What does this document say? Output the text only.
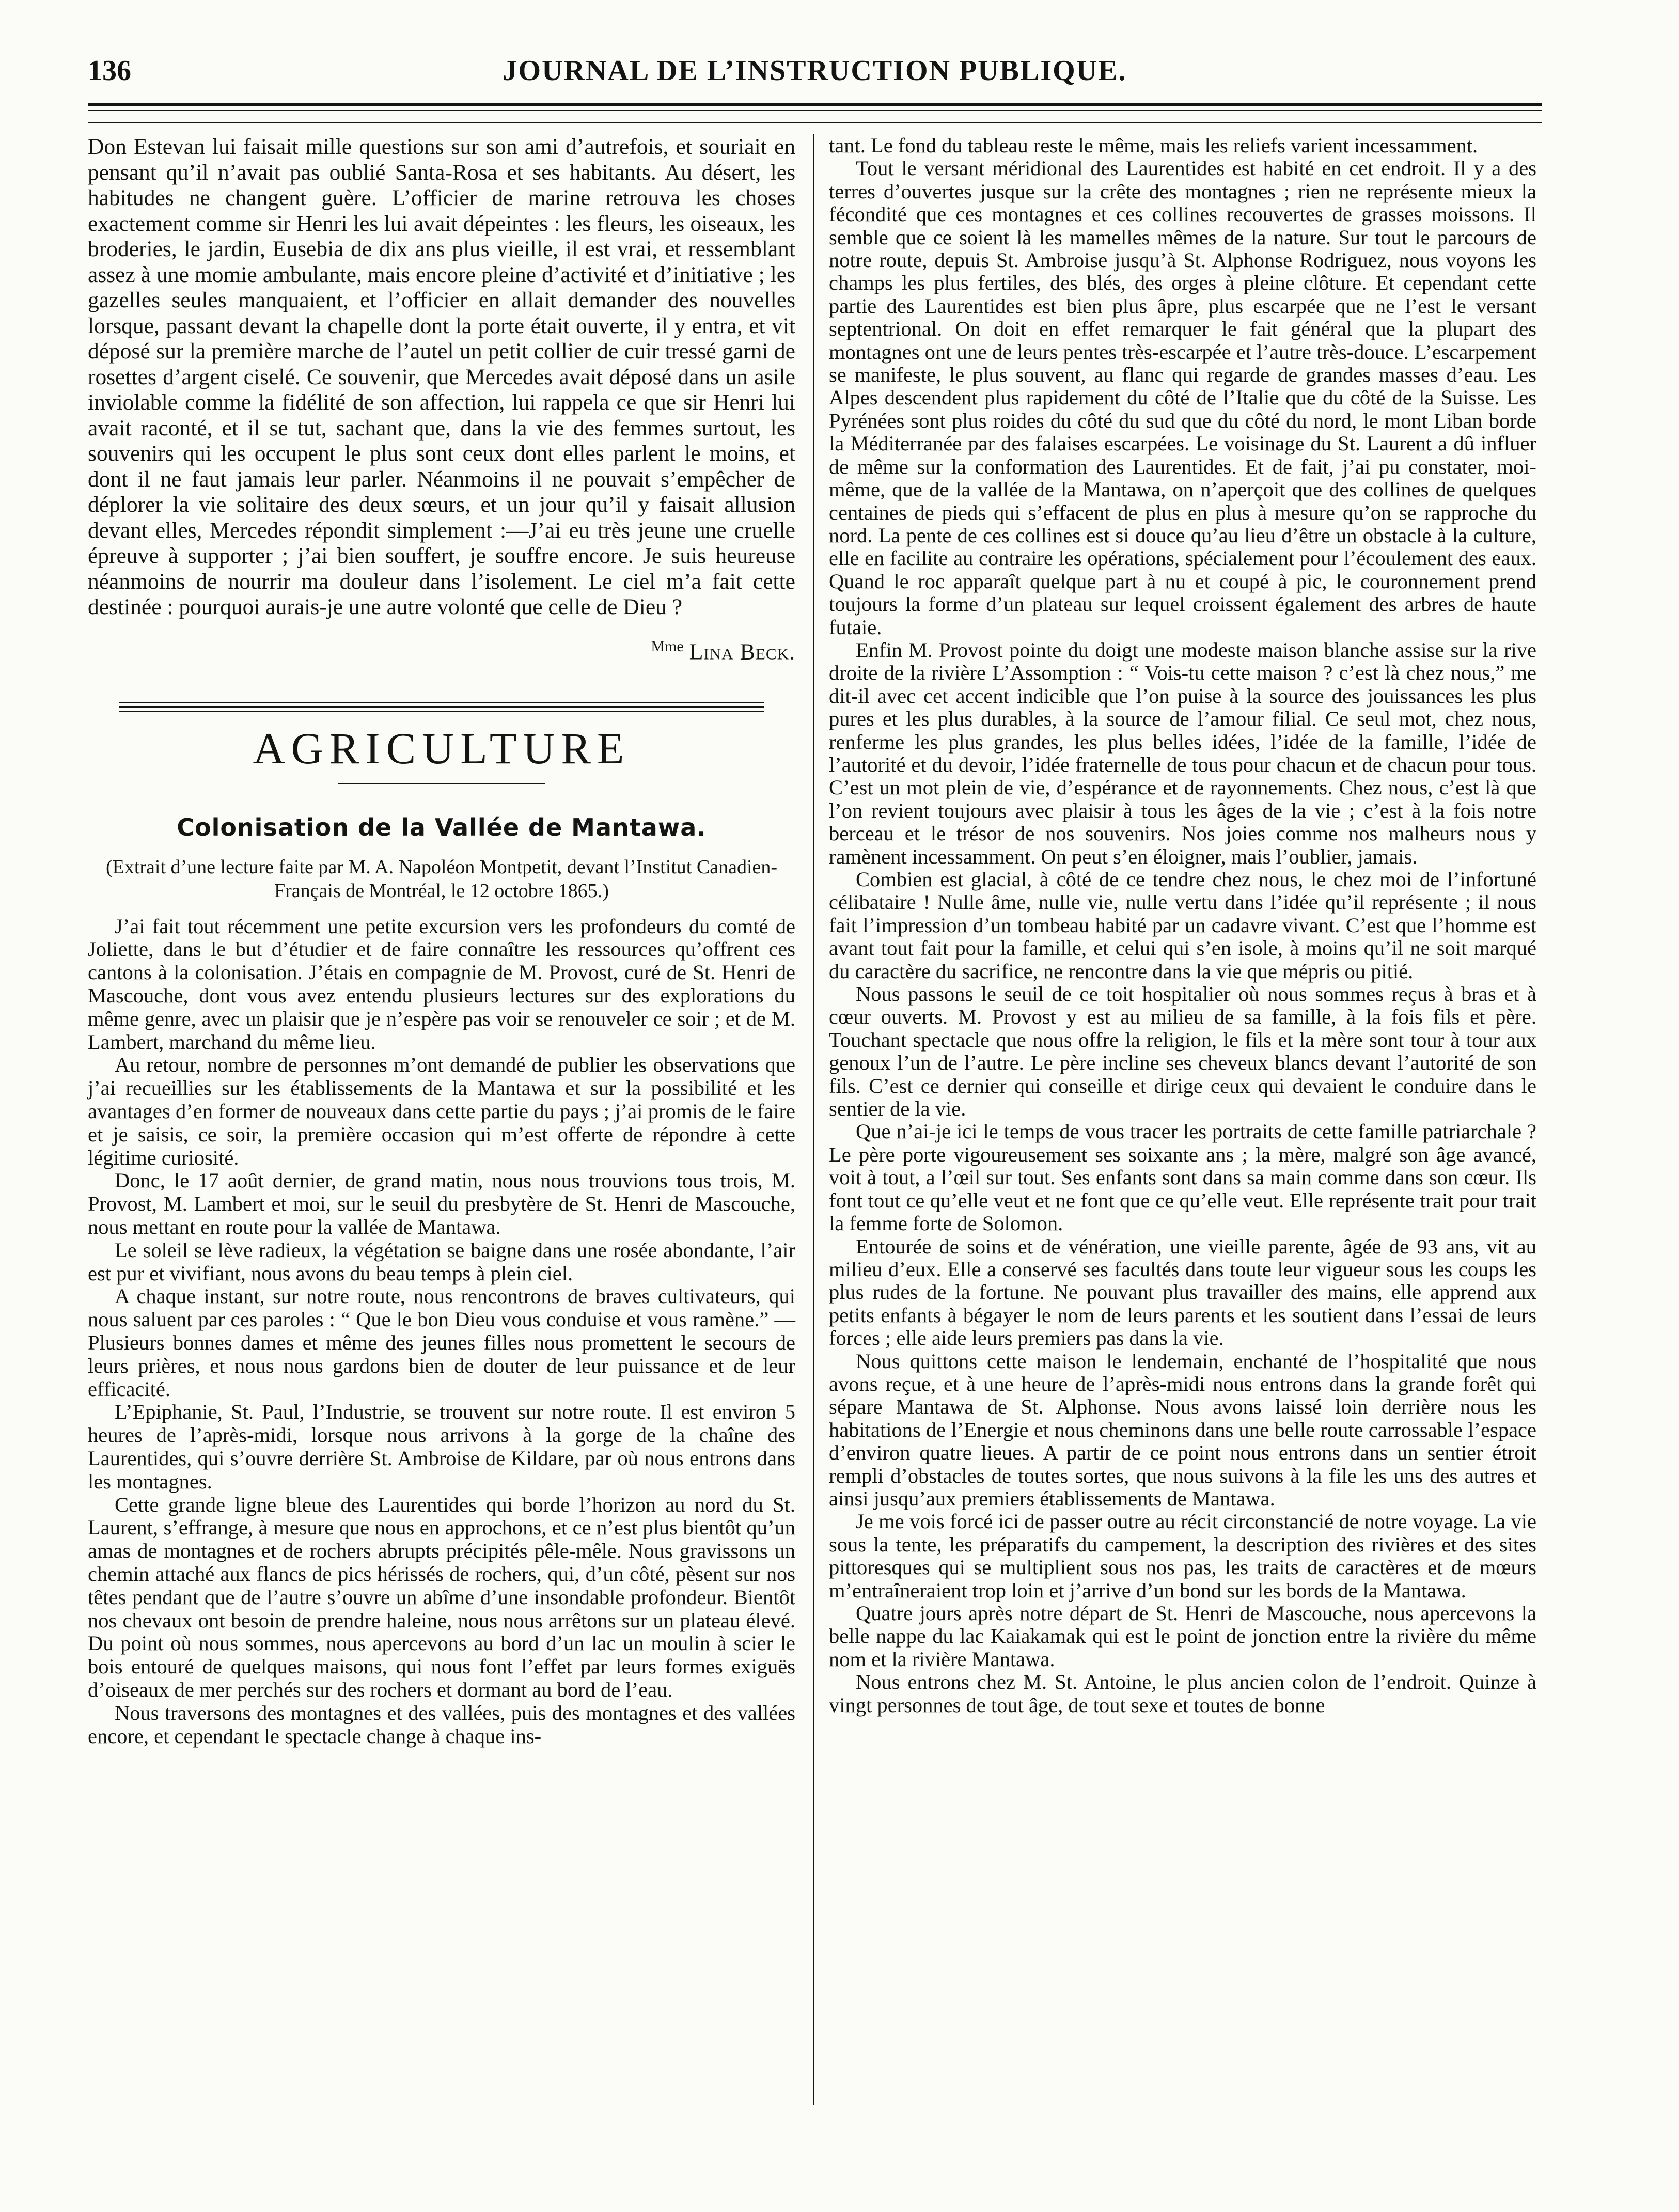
136	JOURNAL DE L’INSTRUCTION PUBLIQUE.

Don Estevan lui faisait mille questions sur son ami d’autrefois, et souriait en pensant qu’il n’avait pas oublié Santa-Rosa et ses habitants. Au désert, les habitudes ne changent guère. L’officier de marine retrouva les choses exactement comme sir Henri les lui avait dépeintes : les fleurs, les oiseaux, les broderies, le jardin, Eusebia de dix ans plus vieille, il est vrai, et ressemblant assez à une momie ambulante, mais encore pleine d’activité et d’initiative ; les gazelles seules manquaient, et l’officier en allait demander des nouvelles lorsque, passant devant la chapelle dont la porte était ouverte, il y entra, et vit déposé sur la première marche de l’autel un petit collier de cuir tressé garni de rosettes d’argent ciselé. Ce souvenir, que Mercedes avait déposé dans un asile inviolable comme la fidélité de son affection, lui rappela ce que sir Henri lui avait raconté, et il se tut, sachant que, dans la vie des femmes surtout, les souvenirs qui les occupent le plus sont ceux dont elles parlent le moins, et dont il ne faut jamais leur parler. Néanmoins il ne pouvait s’empêcher de déplorer la vie solitaire des deux sœurs, et un jour qu’il y faisait allusion devant elles, Mercedes répondit simplement :—J’ai eu très jeune une cruelle épreuve à supporter ; j’ai bien souffert, je souffre encore. Je suis heureuse néanmoins de nourrir ma douleur dans l’isolement. Le ciel m’a fait cette destinée : pourquoi aurais-je une autre volonté que celle de Dieu ?

$^{Mme}$ Lina Beck.
AGRICULTURE
Colonisation de la Vallée de Mantawa.
(Extrait d’une lecture faite par M. A. Napoléon Montpetit, devant l’Institut Canadien-Français de Montréal, le 12 octobre 1865.)

J’ai fait tout récemment une petite excursion vers les profondeurs du comté de Joliette, dans le but d’étudier et de faire connaître les ressources qu’offrent ces cantons à la colonisation. J’étais en compagnie de M. Provost, curé de St. Henri de Mascouche, dont vous avez entendu plusieurs lectures sur des explorations du même genre, avec un plaisir que je n’espère pas voir se renouveler ce soir ; et de M. Lambert, marchand du même lieu.

Au retour, nombre de personnes m’ont demandé de publier les observations que j’ai recueillies sur les établissements de la Mantawa et sur la possibilité et les avantages d’en former de nouveaux dans cette partie du pays ; j’ai promis de le faire et je saisis, ce soir, la première occasion qui m’est offerte de répondre à cette légitime curiosité.

Donc, le 17 août dernier, de grand matin, nous nous trouvions tous trois, M. Provost, M. Lambert et moi, sur le seuil du presbytère de St. Henri de Mascouche, nous mettant en route pour la vallée de Mantawa.

Le soleil se lève radieux, la végétation se baigne dans une rosée abondante, l’air est pur et vivifiant, nous avons du beau temps à plein ciel.

A chaque instant, sur notre route, nous rencontrons de braves cultivateurs, qui nous saluent par ces paroles : “ Que le bon Dieu vous conduise et vous ramène.” — Plusieurs bonnes dames et même des jeunes filles nous promettent le secours de leurs prières, et nous nous gardons bien de douter de leur puissance et de leur efficacité.

L’Epiphanie, St. Paul, l’Industrie, se trouvent sur notre route. Il est environ 5 heures de l’après-midi, lorsque nous arrivons à la gorge de la chaîne des Laurentides, qui s’ouvre derrière St. Ambroise de Kildare, par où nous entrons dans les montagnes.

Cette grande ligne bleue des Laurentides qui borde l’horizon au nord du St. Laurent, s’effrange, à mesure que nous en approchons, et ce n’est plus bientôt qu’un amas de montagnes et de rochers abrupts précipités pêle-mêle. Nous gravissons un chemin attaché aux flancs de pics hérissés de rochers, qui, d’un côté, pèsent sur nos têtes pendant que de l’autre s’ouvre un abîme d’une insondable profondeur. Bientôt nos chevaux ont besoin de prendre haleine, nous nous arrêtons sur un plateau élevé. Du point où nous sommes, nous apercevons au bord d’un lac un moulin à scier le bois entouré de quelques maisons, qui nous font l’effet par leurs formes exiguës d’oiseaux de mer perchés sur des rochers et dormant au bord de l’eau.

Nous traversons des montagnes et des vallées, puis des montagnes et des vallées encore, et cependant le spectacle change à chaque ins-

tant. Le fond du tableau reste le même, mais les reliefs varient incessamment.

Tout le versant méridional des Laurentides est habité en cet endroit. Il y a des terres d’ouvertes jusque sur la crête des montagnes ; rien ne représente mieux la fécondité que ces montagnes et ces collines recouvertes de grasses moissons. Il semble que ce soient là les mamelles mêmes de la nature. Sur tout le parcours de notre route, depuis St. Ambroise jusqu’à St. Alphonse Rodriguez, nous voyons les champs les plus fertiles, des blés, des orges à pleine clôture. Et cependant cette partie des Laurentides est bien plus âpre, plus escarpée que ne l’est le versant septentrional. On doit en effet remarquer le fait général que la plupart des montagnes ont une de leurs pentes très-escarpée et l’autre très-douce. L’escarpement se manifeste, le plus souvent, au flanc qui regarde de grandes masses d’eau. Les Alpes descendent plus rapidement du côté de l’Italie que du côté de la Suisse. Les Pyrénées sont plus roides du côté du sud que du côté du nord, le mont Liban borde la Méditerranée par des falaises escarpées. Le voisinage du St. Laurent a dû influer de même sur la conformation des Laurentides. Et de fait, j’ai pu constater, moi-même, que de la vallée de la Mantawa, on n’aperçoit que des collines de quelques centaines de pieds qui s’effacent de plus en plus à mesure qu’on se rapproche du nord. La pente de ces collines est si douce qu’au lieu d’être un obstacle à la culture, elle en facilite au contraire les opérations, spécialement pour l’écoulement des eaux. Quand le roc apparaît quelque part à nu et coupé à pic, le couronnement prend toujours la forme d’un plateau sur lequel croissent également des arbres de haute futaie.

Enfin M. Provost pointe du doigt une modeste maison blanche assise sur la rive droite de la rivière L’Assomption : “ Vois-tu cette maison ? c’est là chez nous,” me dit-il avec cet accent indicible que l’on puise à la source des jouissances les plus pures et les plus durables, à la source de l’amour filial. Ce seul mot, chez nous, renferme les plus grandes, les plus belles idées, l’idée de la famille, l’idée de l’autorité et du devoir, l’idée fraternelle de tous pour chacun et de chacun pour tous. C’est un mot plein de vie, d’espérance et de rayonnements. Chez nous, c’est là que l’on revient toujours avec plaisir à tous les âges de la vie ; c’est à la fois notre berceau et le trésor de nos souvenirs. Nos joies comme nos malheurs nous y ramènent incessamment. On peut s’en éloigner, mais l’oublier, jamais.

Combien est glacial, à côté de ce tendre chez nous, le chez moi de l’infortuné célibataire ! Nulle âme, nulle vie, nulle vertu dans l’idée qu’il représente ; il nous fait l’impression d’un tombeau habité par un cadavre vivant. C’est que l’homme est avant tout fait pour la famille, et celui qui s’en isole, à moins qu’il ne soit marqué du caractère du sacrifice, ne rencontre dans la vie que mépris ou pitié.

Nous passons le seuil de ce toit hospitalier où nous sommes reçus à bras et à cœur ouverts. M. Provost y est au milieu de sa famille, à la fois fils et père. Touchant spectacle que nous offre la religion, le fils et la mère sont tour à tour aux genoux l’un de l’autre. Le père incline ses cheveux blancs devant l’autorité de son fils. C’est ce dernier qui conseille et dirige ceux qui devaient le conduire dans le sentier de la vie.

Que n’ai-je ici le temps de vous tracer les portraits de cette famille patriarchale ? Le père porte vigoureusement ses soixante ans ; la mère, malgré son âge avancé, voit à tout, a l’œil sur tout. Ses enfants sont dans sa main comme dans son cœur. Ils font tout ce qu’elle veut et ne font que ce qu’elle veut. Elle représente trait pour trait la femme forte de Solomon.

Entourée de soins et de vénération, une vieille parente, âgée de 93 ans, vit au milieu d’eux. Elle a conservé ses facultés dans toute leur vigueur sous les coups les plus rudes de la fortune. Ne pouvant plus travailler des mains, elle apprend aux petits enfants à bégayer le nom de leurs parents et les soutient dans l’essai de leurs forces ; elle aide leurs premiers pas dans la vie.

Nous quittons cette maison le lendemain, enchanté de l’hospitalité que nous avons reçue, et à une heure de l’après-midi nous entrons dans la grande forêt qui sépare Mantawa de St. Alphonse. Nous avons laissé loin derrière nous les habitations de l’Energie et nous cheminons dans une belle route carrossable l’espace d’environ quatre lieues. A partir de ce point nous entrons dans un sentier étroit rempli d’obstacles de toutes sortes, que nous suivons à la file les uns des autres et ainsi jusqu’aux premiers établissements de Mantawa.

Je me vois forcé ici de passer outre au récit circonstancié de notre voyage. La vie sous la tente, les préparatifs du campement, la description des rivières et des sites pittoresques qui se multiplient sous nos pas, les traits de caractères et de mœurs m’entraîneraient trop loin et j’arrive d’un bond sur les bords de la Mantawa.

Quatre jours après notre départ de St. Henri de Mascouche, nous apercevons la belle nappe du lac Kaiakamak qui est le point de jonction entre la rivière du même nom et la rivière Mantawa.

Nous entrons chez M. St. Antoine, le plus ancien colon de l’endroit. Quinze à vingt personnes de tout âge, de tout sexe et toutes de bonne
